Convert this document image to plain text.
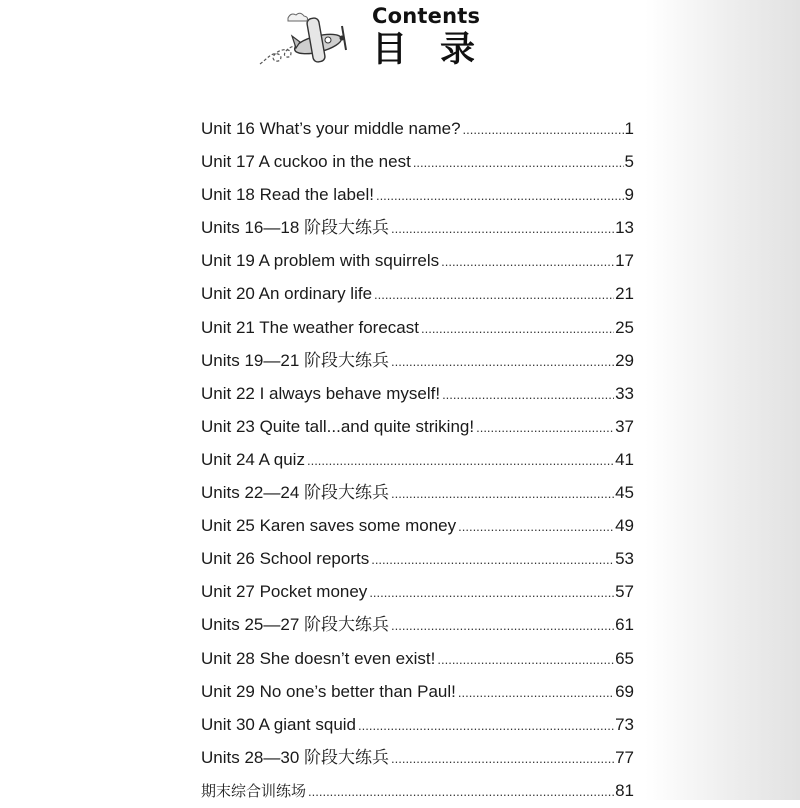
Contents
目录
Unit 16 What’s your middle name? .....	1
Unit 17 A cuckoo in the nest .....	5
Unit 18 Read the label! .....	9
Units 16—18 阶段大练兵 .....	13
Unit 19 A problem with squirrels .....	17
Unit 20 An ordinary life .....	21
Unit 21 The weather forecast .....	25
Units 19—21 阶段大练兵 .....	29
Unit 22 I always behave myself! .....	33
Unit 23 Quite tall...and quite striking! .....	37
Unit 24 A quiz .....	41
Units 22—24 阶段大练兵 .....	45
Unit 25 Karen saves some money .....	49
Unit 26 School reports .....	53
Unit 27 Pocket money .....	57
Units 25—27 阶段大练兵 .....	61
Unit 28 She doesn’t even exist! .....	65
Unit 29 No one’s better than Paul! .....	69
Unit 30 A giant squid .....	73
Units 28—30 阶段大练兵 .....	77
期末综合训练场 .....	81
